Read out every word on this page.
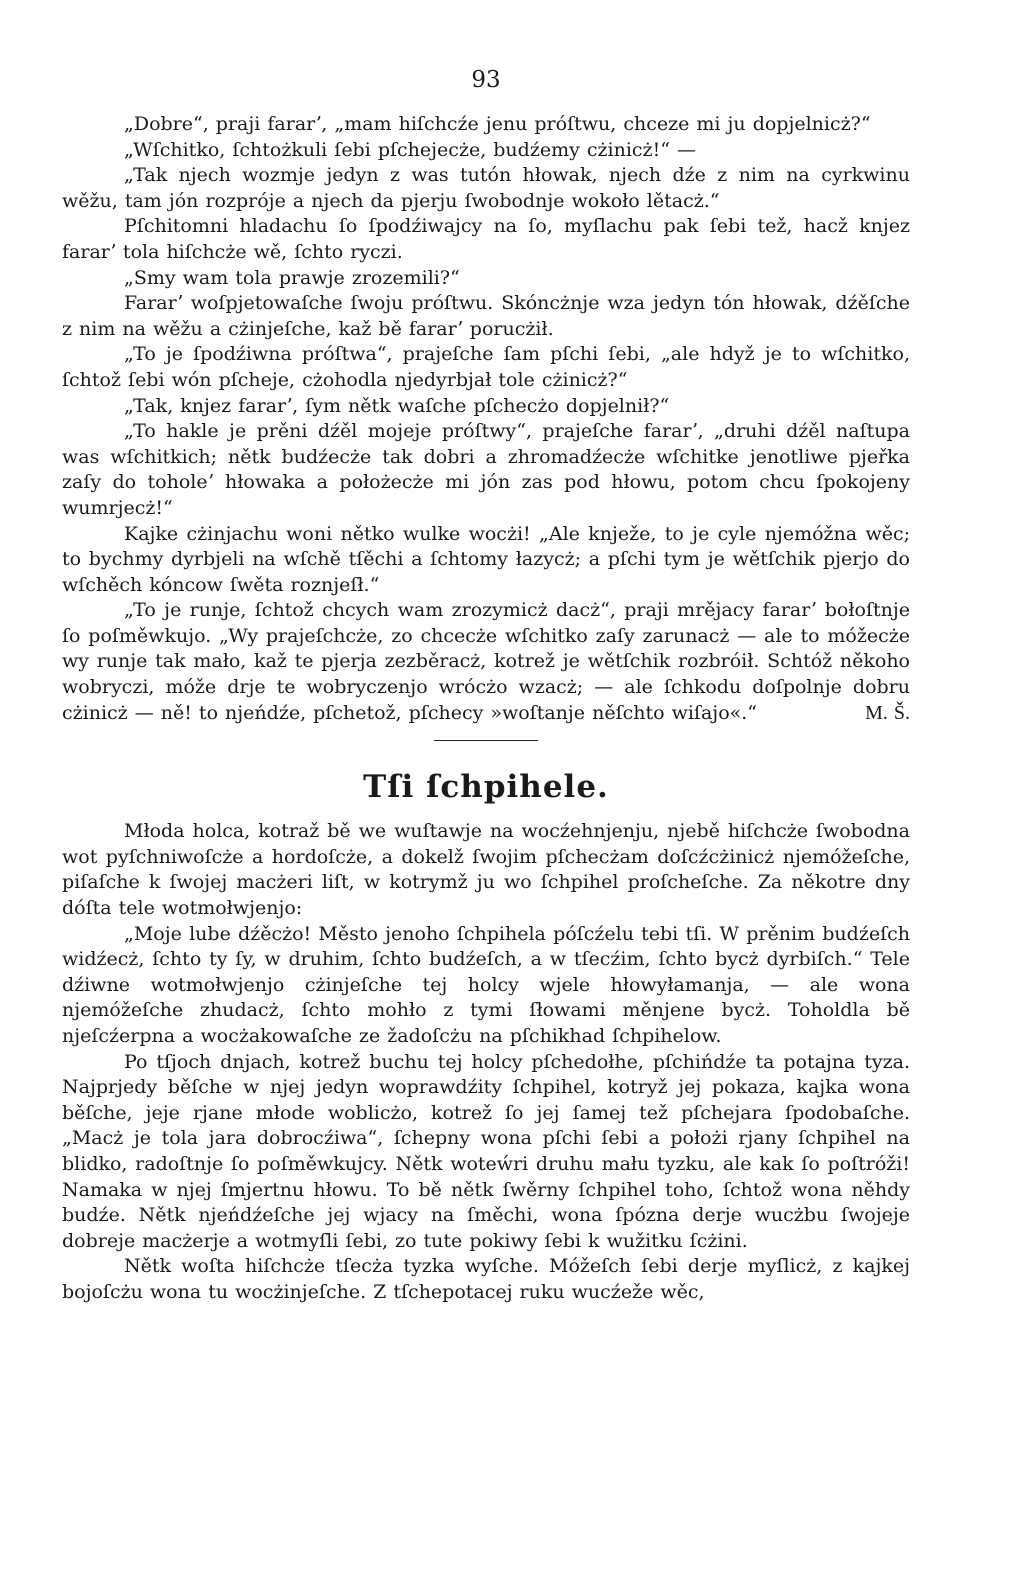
93

„Dobre“, praji fararʼ, „mam hiſchcźe jenu próſtwu, chceze mi ju dopjelnicż?“

„Wſchitko, ſchtożkuli ſebi pſchejecże, budźemy cżinicż!“ —

„Tak njech wozmje jedyn z was tutón hłowak, njech dźe z nim na cyrkwinu wěžu, tam jón rozpróje a njech da pjerju ſwobodnje wokoło lětacż.“

Pſchitomni hladachu ſo ſpodźiwajcy na ſo, myſlachu pak ſebi tež, hacž knjez fararʼ tola hiſchcże wě, ſchto ryczi.

„Smy wam tola prawje zrozemili?“

Fararʼ woſpjetowaſche ſwoju próſtwu. Skóncżnje wza jedyn tón hłowak, dźěſche z nim na wěžu a cżinjeſche, kaž bě fararʼ porucżił.

„To je ſpodźiwna próſtwa“, prajeſche ſam pſchi ſebi, „ale hdyž je to wſchitko, ſchtož ſebi wón pſcheje, cżohodla njedyrbjał tole cżinicż?“

„Tak, knjez fararʼ, ſym nětk waſche pſchecżo dopjelnił?“

„To hakle je prěni dźěl mojeje próſtwy“, prajeſche fararʼ, „druhi dźěl naſtupa was wſchitkich; nětk budźecże tak dobri a zhromadźecże wſchitke jenotliwe pjeřka zaſy do toholeʼ hłowaka a położecże mi jón zas pod hłowu, potom chcu ſpokojeny wumrjecż!“

Kajke cżinjachu woni nětko wulke wocżi! „Ale knježe, to je cyle njemóžna wěc; to bychmy dyrbjeli na wſchě tſěchi a ſchtomy łazycż; a pſchi tym je wětſchik pjerjo do wſchěch kóncow ſwěta roznjeſł.“

„To je runje, ſchtož chcych wam zrozymicż dacż“, praji mrějacy fararʼ bołoſtnje ſo poſměwkujo. „Wy prajeſchcże, zo chcecże wſchitko zaſy zarunacż — ale to móžecże wy runje tak mało, kaž te pjerja zezběracż, kotrež je wětſchik rozbróił. Schtóž někoho wobryczi, móže drje te wobryczenjo wrócżo wzacż; — ale ſchkodu doſpolnje dobru cżinicż — ně! to njeńdźe, pſchetož, pſchecy »woſtanje něſchto wiſajo«.“	M. Š.

Tſi ſchpihele.

Młoda holca, kotraž bě we wuſtawje na wocźehnjenju, njebě hiſchcże ſwobodna wot pyſchniwoſcże a hordoſcże, a dokelž ſwojim pſchecżam doſcźcżinicż njemóžeſche, piſaſche k ſwojej macżeri liſt, w kotrymž ju wo ſchpihel proſcheſche. Za někotre dny dóſta tele wotmołwjenjo:

„Moje lube dźěcżo! Město jenoho ſchpihela póſcźelu tebi tſi. W prěnim budźeſch widźecż, ſchto ty ſy, w druhim, ſchto budźeſch, a w tſecźim, ſchto bycż dyrbiſch.“ Tele dźiwne wotmołwjenjo cżinjeſche tej holcy wjele hłowyłamanja, — ale wona njemóžeſche zhudacż, ſchto mohło z tymi ſłowami měnjene bycż. Toholdla bě njeſcźerpna a wocżakowaſche ze žadoſcżu na pſchikhad ſchpihelow.

Po tſjoch dnjach, kotrež buchu tej holcy pſchedołhe, pſchińdźe ta potajna tyza. Najprjedy běſche w njej jedyn woprawdźity ſchpihel, kotryž jej pokaza, kajka wona běſche, jeje rjane młode woblicżo, kotrež ſo jej ſamej tež pſchejara ſpodobaſche. „Macż je tola jara dobrocźiwa“, ſchepny wona pſchi ſebi a położi rjany ſchpihel na blidko, radoſtnje ſo poſměwkujcy. Nětk woteẃri druhu mału tyzku, ale kak ſo poſtróži! Namaka w njej ſmjertnu hłowu. To bě nětk ſwěrny ſchpihel toho, ſchtož wona něhdy budźe. Nětk njeńdźeſche jej wjacy na ſměchi, wona ſpózna derje wucżbu ſwojeje dobreje macżerje a wotmyſli ſebi, zo tute pokiwy ſebi k wužitku ſcżini.

Nětk woſta hiſchcże tſecża tyzka wyſche. Móžeſch ſebi derje myſlicż, z kajkej bojoſcżu wona tu wocżinjeſche. Z tſchepotacej ruku wucźeže wěc,
